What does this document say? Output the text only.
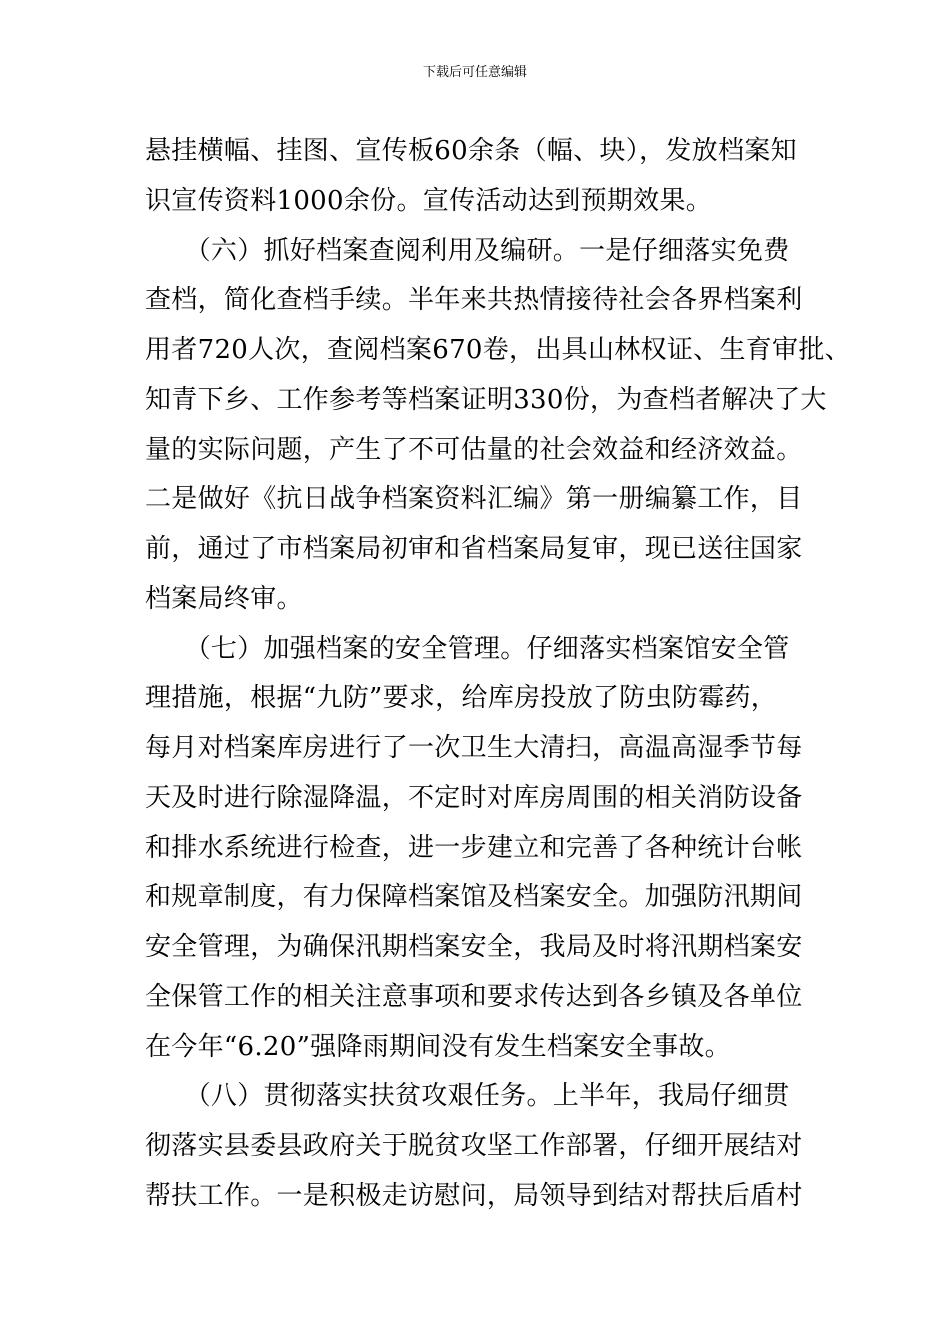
下载后可任意编辑
悬挂横幅、挂图、宣传板60余条（幅、块），发放档案知
识宣传资料1000余份。宣传活动达到预期效果。
　　（六）抓好档案查阅利用及编研。一是仔细落实免费
查档，简化查档手续。半年来共热情接待社会各界档案利
用者720人次，查阅档案670卷，出具山林权证、生育审批、
知青下乡、工作参考等档案证明330份，为查档者解决了大
量的实际问题，产生了不可估量的社会效益和经济效益。
二是做好《抗日战争档案资料汇编》第一册编纂工作，目
前，通过了市档案局初审和省档案局复审，现已送往国家
档案局终审。
　　（七）加强档案的安全管理。仔细落实档案馆安全管
理措施，根据“九防”要求，给库房投放了防虫防霉药，
每月对档案库房进行了一次卫生大清扫，高温高湿季节每
天及时进行除湿降温，不定时对库房周围的相关消防设备
和排水系统进行检查，进一步建立和完善了各种统计台帐
和规章制度，有力保障档案馆及档案安全。加强防汛期间
安全管理，为确保汛期档案安全，我局及时将汛期档案安
全保管工作的相关注意事项和要求传达到各乡镇及各单位
在今年“6.20”强降雨期间没有发生档案安全事故。
　　（八）贯彻落实扶贫攻艰任务。上半年，我局仔细贯
彻落实县委县政府关于脱贫攻坚工作部署，仔细开展结对
帮扶工作。一是积极走访慰问，局领导到结对帮扶后盾村
